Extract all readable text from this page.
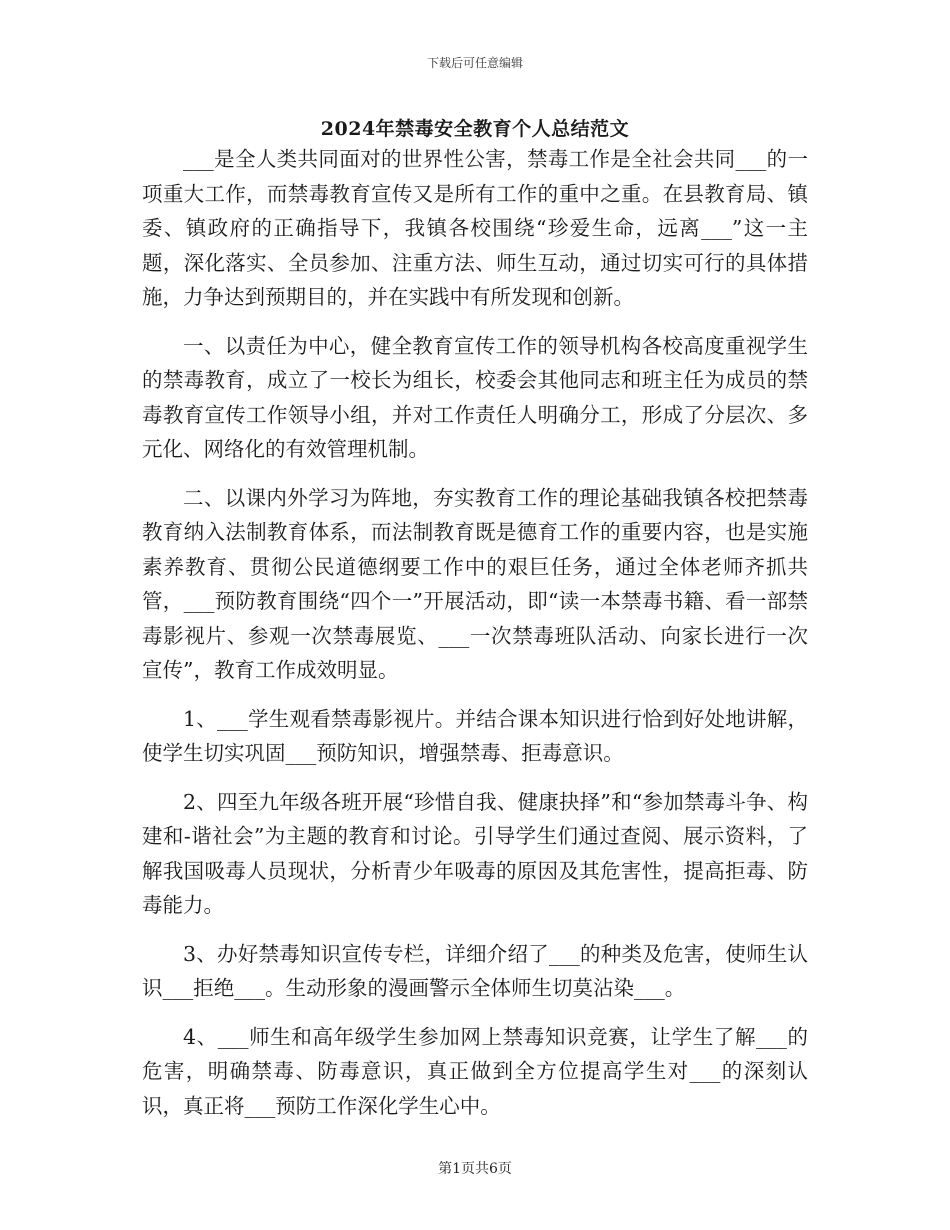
下载后可任意编辑
2024年禁毒安全教育个人总结范文

___是全人类共同面对的世界性公害，禁毒工作是全社会共同___的一项重大工作，而禁毒教育宣传又是所有工作的重中之重。在县教育局、镇委、镇政府的正确指导下，我镇各校围绕“珍爱生命，远离___”这一主题，深化落实、全员参加、注重方法、师生互动，通过切实可行的具体措施，力争达到预期目的，并在实践中有所发现和创新。

一、以责任为中心，健全教育宣传工作的领导机构各校高度重视学生的禁毒教育，成立了一校长为组长，校委会其他同志和班主任为成员的禁毒教育宣传工作领导小组，并对工作责任人明确分工，形成了分层次、多元化、网络化的有效管理机制。

二、以课内外学习为阵地，夯实教育工作的理论基础我镇各校把禁毒教育纳入法制教育体系，而法制教育既是德育工作的重要内容，也是实施素养教育、贯彻公民道德纲要工作中的艰巨任务，通过全体老师齐抓共管，___预防教育围绕“四个一”开展活动，即“读一本禁毒书籍、看一部禁毒影视片、参观一次禁毒展览、___一次禁毒班队活动、向家长进行一次宣传”，教育工作成效明显。

1、___学生观看禁毒影视片。并结合课本知识进行恰到好处地讲解，使学生切实巩固___预防知识，增强禁毒、拒毒意识。

2、四至九年级各班开展“珍惜自我、健康抉择”和“参加禁毒斗争、构建和-谐社会”为主题的教育和讨论。引导学生们通过查阅、展示资料，了解我国吸毒人员现状，分析青少年吸毒的原因及其危害性，提高拒毒、防毒能力。

3、办好禁毒知识宣传专栏，详细介绍了___的种类及危害，使师生认识___拒绝___。生动形象的漫画警示全体师生切莫沾染___。

4、___师生和高年级学生参加网上禁毒知识竞赛，让学生了解___的危害，明确禁毒、防毒意识，真正做到全方位提高学生对___的深刻认识，真正将___预防工作深化学生心中。

第1页共6页
